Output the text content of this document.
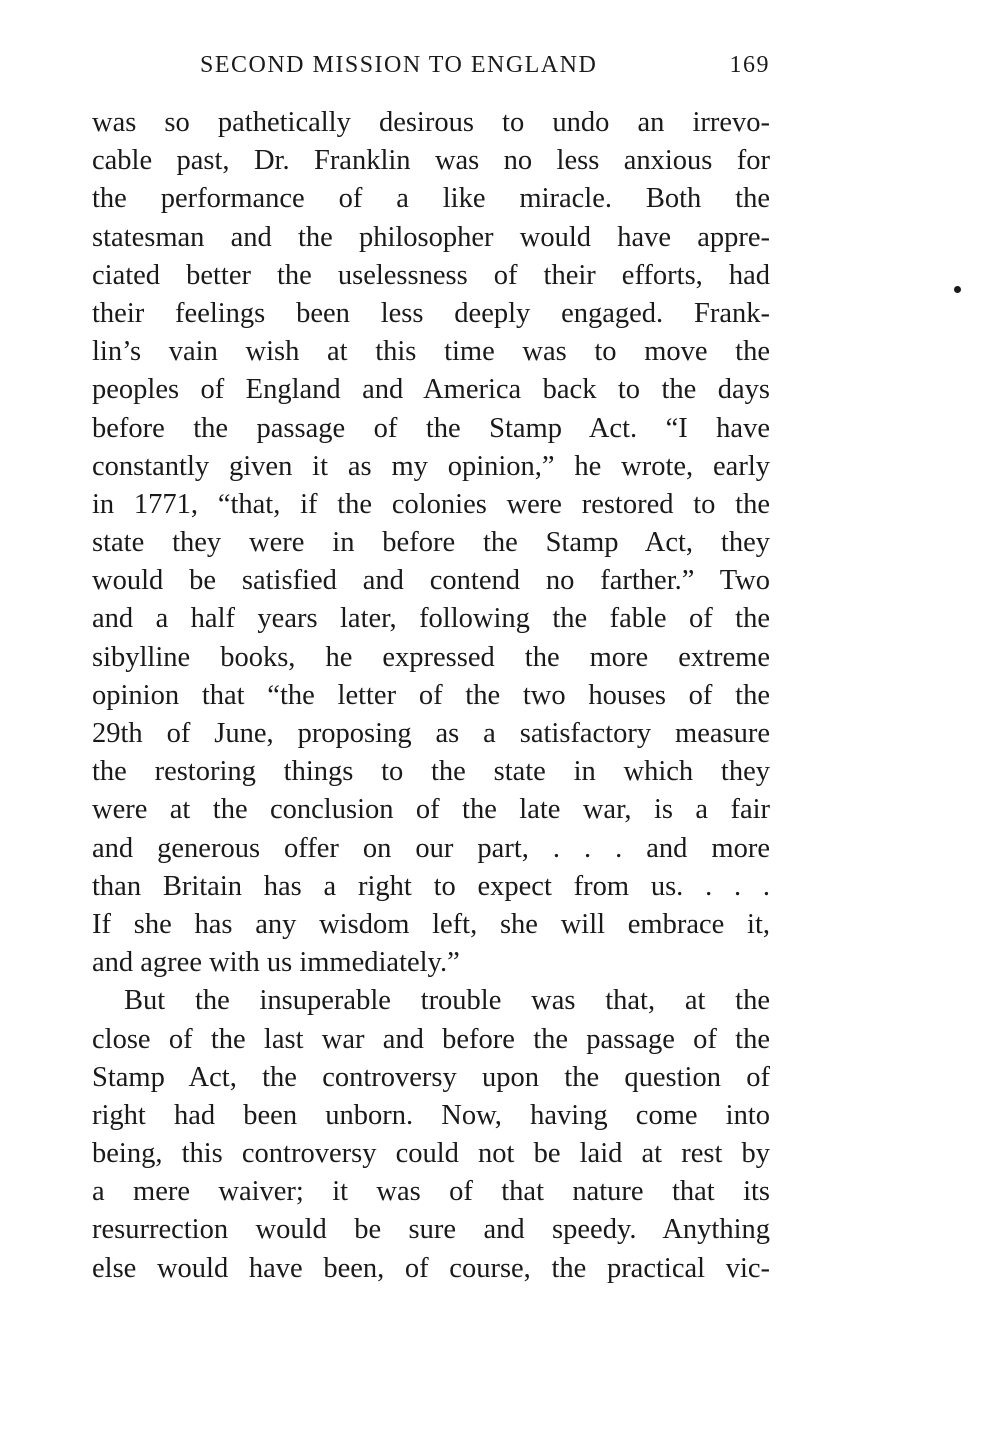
SECOND MISSION TO ENGLAND	169
was so pathetically desirous to undo an irrevo-
cable past, Dr. Franklin was no less anxious for
the performance of a like miracle. Both the
statesman and the philosopher would have appre-
ciated better the uselessness of their efforts, had
their feelings been less deeply engaged. Frank-
lin’s vain wish at this time was to move the
peoples of England and America back to the days
before the passage of the Stamp Act. “I have
constantly given it as my opinion,” he wrote, early
in 1771, “that, if the colonies were restored to the
state they were in before the Stamp Act, they
would be satisfied and contend no farther.” Two
and a half years later, following the fable of the
sibylline books, he expressed the more extreme
opinion that “the letter of the two houses of the
29th of June, proposing as a satisfactory measure
the restoring things to the state in which they
were at the conclusion of the late war, is a fair
and generous offer on our part, . . . and more
than Britain has a right to expect from us. . . .
If she has any wisdom left, she will embrace it,
and agree with us immediately.”
But the insuperable trouble was that, at the
close of the last war and before the passage of the
Stamp Act, the controversy upon the question of
right had been unborn. Now, having come into
being, this controversy could not be laid at rest by
a mere waiver; it was of that nature that its
resurrection would be sure and speedy. Anything
else would have been, of course, the practical vic-
